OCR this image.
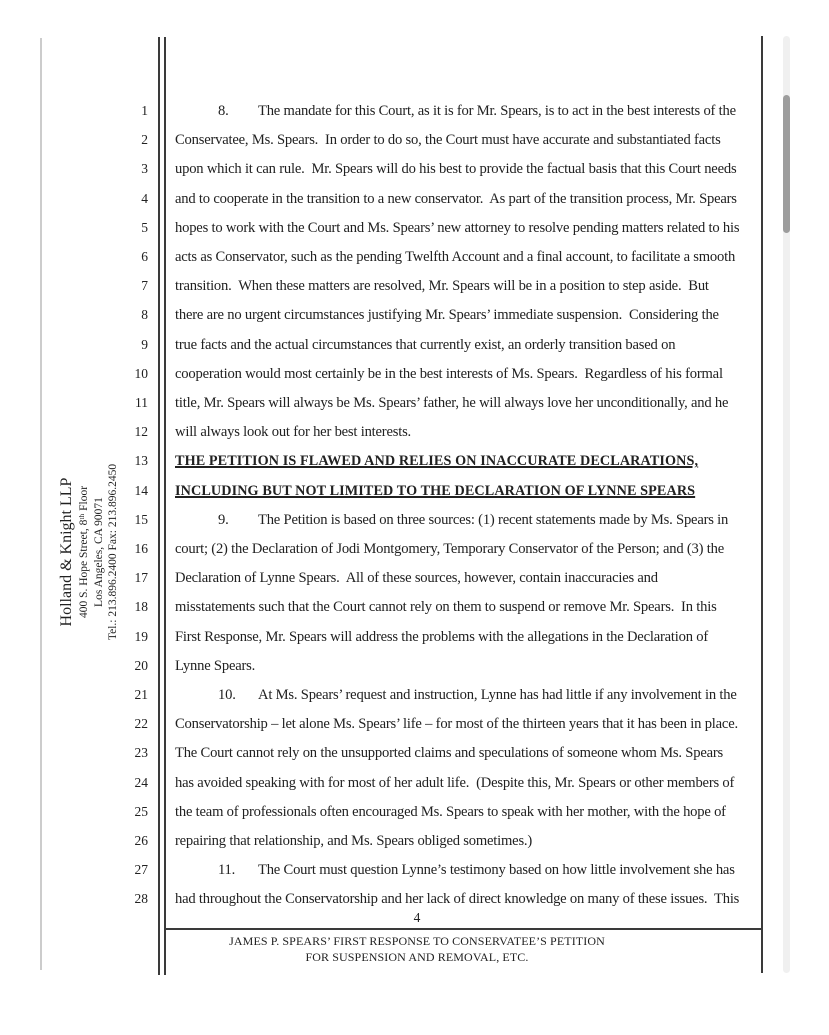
Holland & Knight LLP 400 S. Hope Street, 8ᵗʰ Floor Los Angeles, CA 90071 Tel.: 213.896.2400 Fax: 213.896.2450
1	8. The mandate for this Court, as it is for Mr. Spears, is to act in the best interests of the
2 Conservatee, Ms. Spears.  In order to do so, the Court must have accurate and substantiated facts
3 upon which it can rule.  Mr. Spears will do his best to provide the factual basis that this Court needs
4 and to cooperate in the transition to a new conservator.  As part of the transition process, Mr. Spears
5 hopes to work with the Court and Ms. Spears’ new attorney to resolve pending matters related to his
6 acts as Conservator, such as the pending Twelfth Account and a final account, to facilitate a smooth
7 transition.  When these matters are resolved, Mr. Spears will be in a position to step aside.  But
8 there are no urgent circumstances justifying Mr. Spears’ immediate suspension.  Considering the
9 true facts and the actual circumstances that currently exist, an orderly transition based on
10 cooperation would most certainly be in the best interests of Ms. Spears.  Regardless of his formal
11 title, Mr. Spears will always be Ms. Spears’ father, he will always love her unconditionally, and he
12 will always look out for her best interests.
13 THE PETITION IS FLAWED AND RELIES ON INACCURATE DECLARATIONS,
14 INCLUDING BUT NOT LIMITED TO THE DECLARATION OF LYNNE SPEARS
15	9. The Petition is based on three sources: (1) recent statements made by Ms. Spears in
16 court; (2) the Declaration of Jodi Montgomery, Temporary Conservator of the Person; and (3) the
17 Declaration of Lynne Spears.  All of these sources, however, contain inaccuracies and
18 misstatements such that the Court cannot rely on them to suspend or remove Mr. Spears.  In this
19 First Response, Mr. Spears will address the problems with the allegations in the Declaration of
20 Lynne Spears.
21	10. At Ms. Spears’ request and instruction, Lynne has had little if any involvement in the
22 Conservatorship – let alone Ms. Spears’ life – for most of the thirteen years that it has been in place.
23 The Court cannot rely on the unsupported claims and speculations of someone whom Ms. Spears
24 has avoided speaking with for most of her adult life.  (Despite this, Mr. Spears or other members of
25 the team of professionals often encouraged Ms. Spears to speak with her mother, with the hope of
26 repairing that relationship, and Ms. Spears obliged sometimes.)
27	11. The Court must question Lynne’s testimony based on how little involvement she has
28 had throughout the Conservatorship and her lack of direct knowledge on many of these issues.  This
4
JAMES P. SPEARS’ FIRST RESPONSE TO CONSERVATEE’S PETITION
FOR SUSPENSION AND REMOVAL, ETC.
